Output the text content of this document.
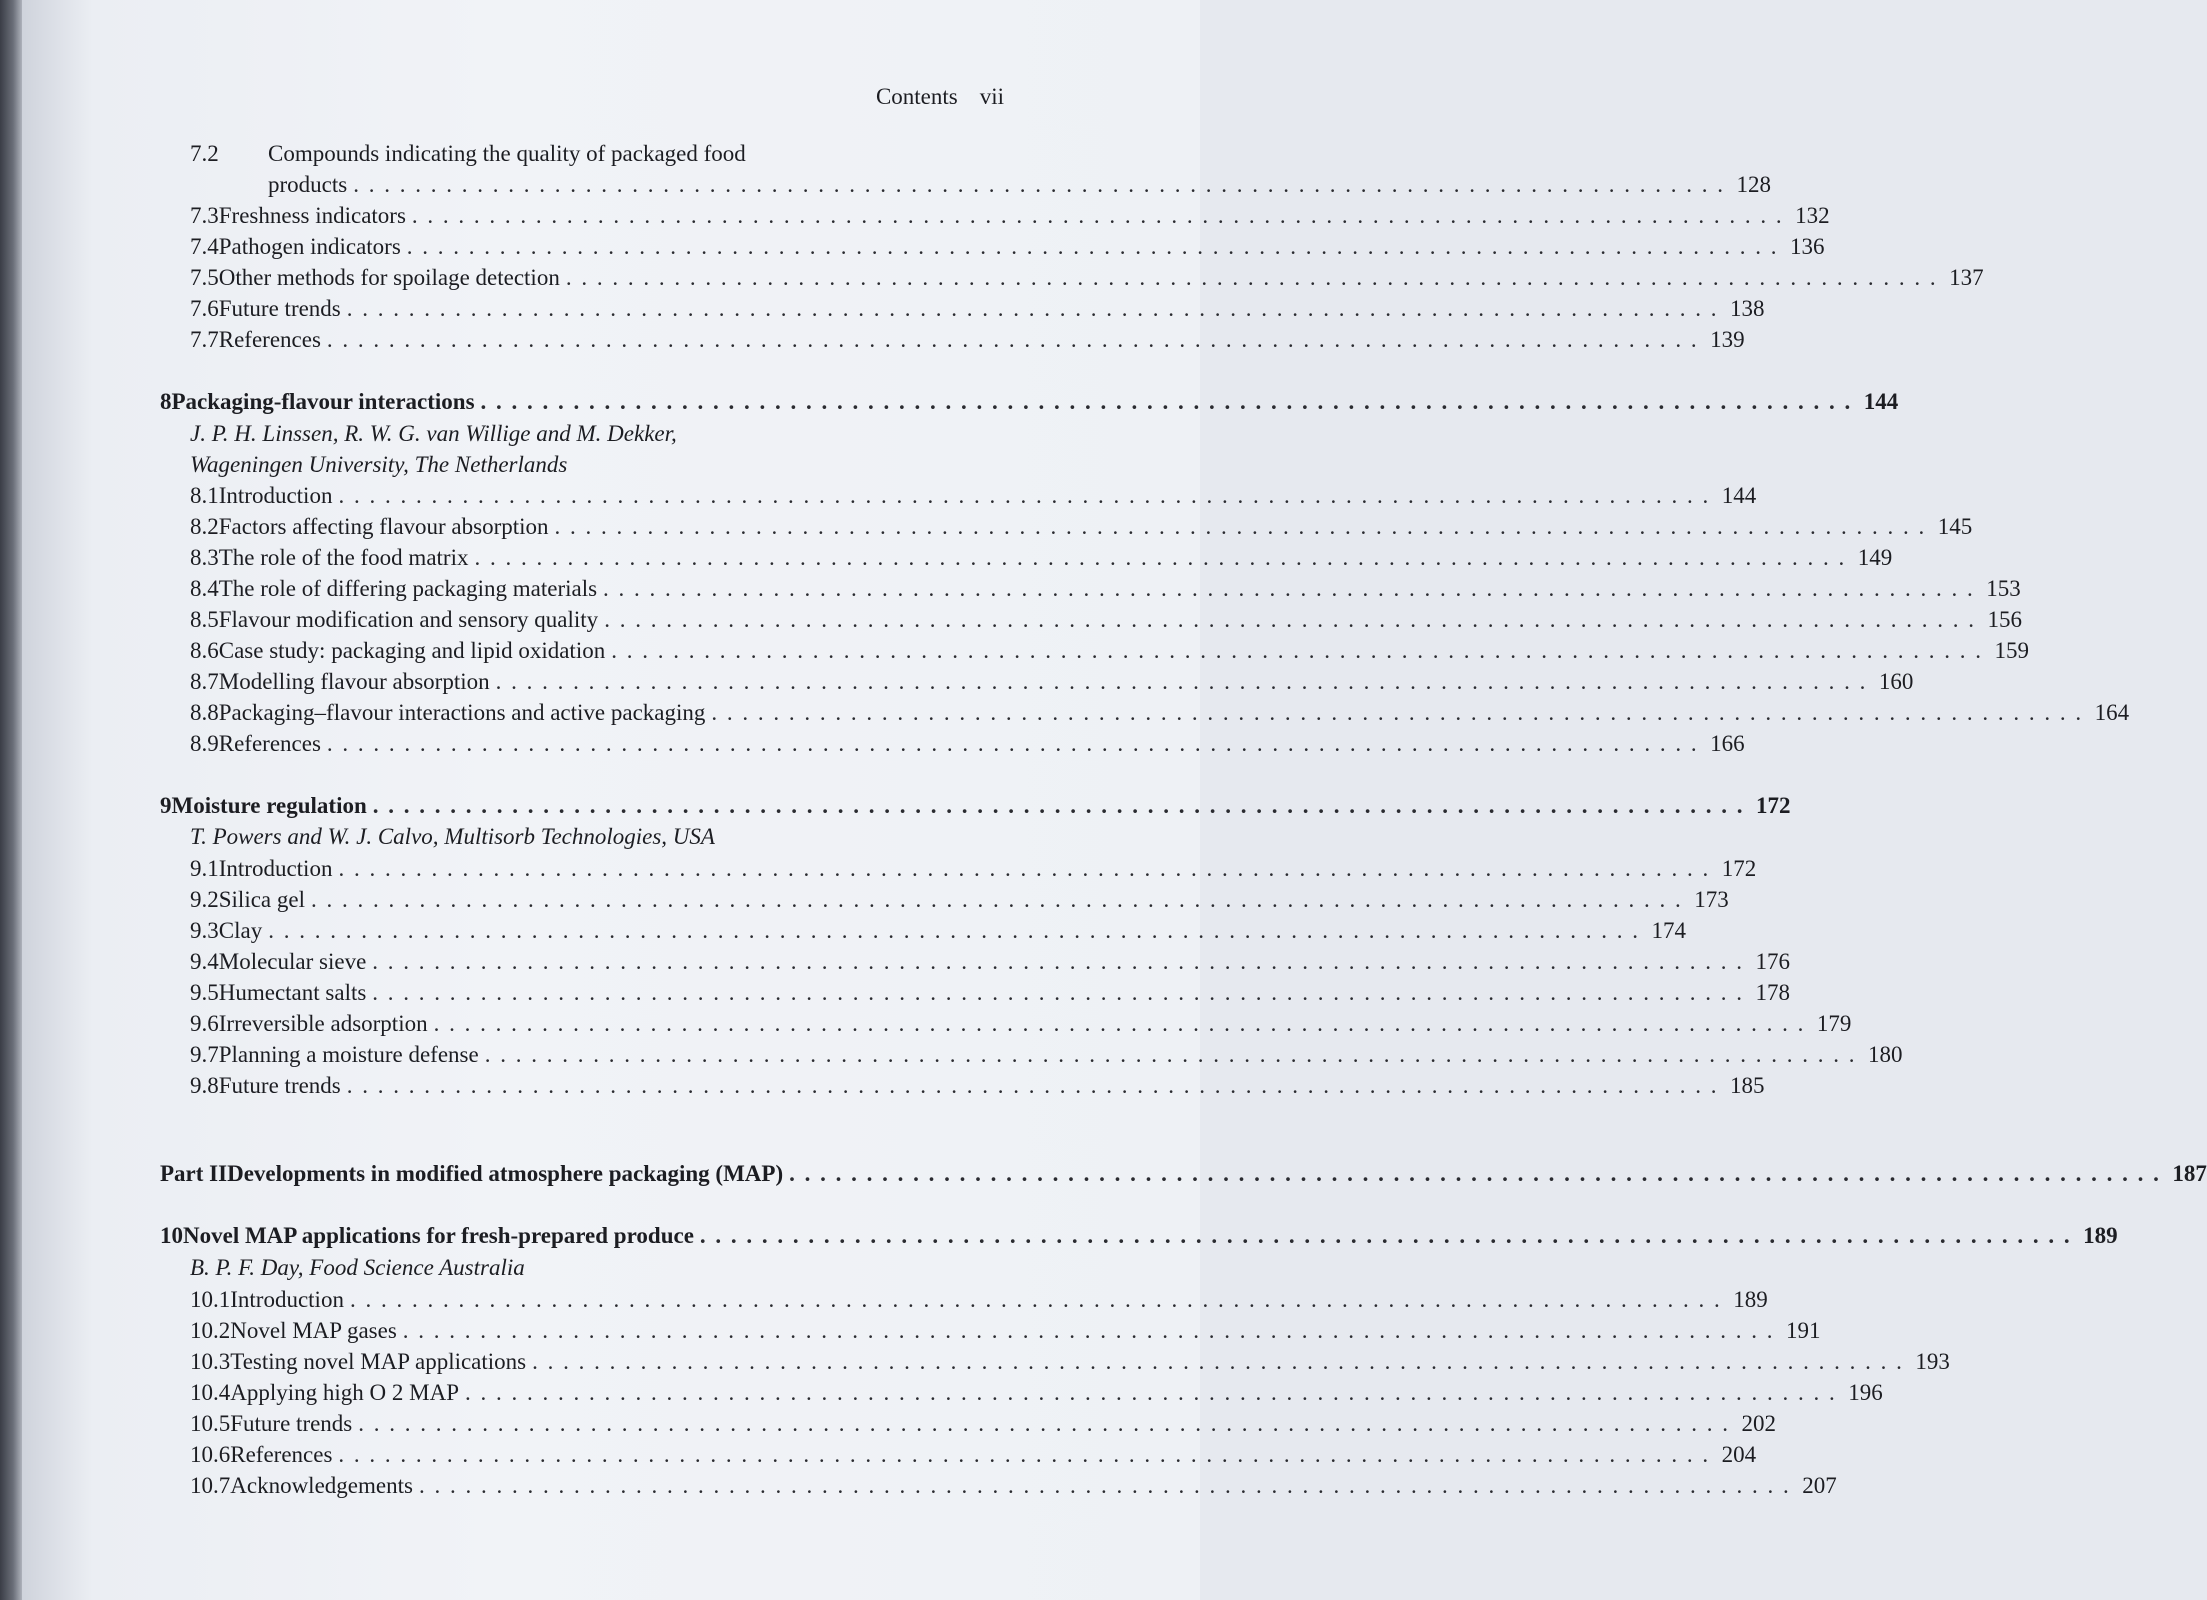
Contents vii
7.2 Compounds indicating the quality of packaged food
products . . . . . . . . . . . . . . . . . . . . . . . . . . . . . . . . . . . . . . . . . . . . . . . . . . . . . . . . . . . . . . . . . . . . . . . . . . . . . . . . . . . . . . . . . 128
7.3 Freshness indicators . . . . . . . . . . . . . . . . . . . . . . . . . . . . . . . . . . . . . . . . . . . . . . . . . . . . . . . . . . . . . . . . . . . . . . . . . . . . . . . . . . . . . . . . . 132
7.4 Pathogen indicators . . . . . . . . . . . . . . . . . . . . . . . . . . . . . . . . . . . . . . . . . . . . . . . . . . . . . . . . . . . . . . . . . . . . . . . . . . . . . . . . . . . . . . . . . 136
7.5 Other methods for spoilage detection . . . . . . . . . . . . . . . . . . . . . . . . . . . . . . . . . . . . . . . . . . . . . . . . . . . . . . . . . . . . . . . . . . . . . . . . . . . . . . . . . . . . . . . . . 137
7.6 Future trends . . . . . . . . . . . . . . . . . . . . . . . . . . . . . . . . . . . . . . . . . . . . . . . . . . . . . . . . . . . . . . . . . . . . . . . . . . . . . . . . . . . . . . . . . 138
7.7 References . . . . . . . . . . . . . . . . . . . . . . . . . . . . . . . . . . . . . . . . . . . . . . . . . . . . . . . . . . . . . . . . . . . . . . . . . . . . . . . . . . . . . . . . . 139
8 Packaging-flavour interactions . . . . . . . . . . . . . . . . . . . . . . . . . . . . . . . . . . . . . . . . . . . . . . . . . . . . . . . . . . . . . . . . . . . . . . . . . . . . . . . . . . . . . . . . . 144
J. P. H. Linssen, R. W. G. van Willige and M. Dekker,
Wageningen University, The Netherlands
8.1 Introduction . . . . . . . . . . . . . . . . . . . . . . . . . . . . . . . . . . . . . . . . . . . . . . . . . . . . . . . . . . . . . . . . . . . . . . . . . . . . . . . . . . . . . . . . . 144
8.2 Factors affecting flavour absorption . . . . . . . . . . . . . . . . . . . . . . . . . . . . . . . . . . . . . . . . . . . . . . . . . . . . . . . . . . . . . . . . . . . . . . . . . . . . . . . . . . . . . . . . . 145
8.3 The role of the food matrix . . . . . . . . . . . . . . . . . . . . . . . . . . . . . . . . . . . . . . . . . . . . . . . . . . . . . . . . . . . . . . . . . . . . . . . . . . . . . . . . . . . . . . . . . 149
8.4 The role of differing packaging materials . . . . . . . . . . . . . . . . . . . . . . . . . . . . . . . . . . . . . . . . . . . . . . . . . . . . . . . . . . . . . . . . . . . . . . . . . . . . . . . . . . . . . . . . . 153
8.5 Flavour modification and sensory quality . . . . . . . . . . . . . . . . . . . . . . . . . . . . . . . . . . . . . . . . . . . . . . . . . . . . . . . . . . . . . . . . . . . . . . . . . . . . . . . . . . . . . . . . . 156
8.6 Case study: packaging and lipid oxidation . . . . . . . . . . . . . . . . . . . . . . . . . . . . . . . . . . . . . . . . . . . . . . . . . . . . . . . . . . . . . . . . . . . . . . . . . . . . . . . . . . . . . . . . . 159
8.7 Modelling flavour absorption . . . . . . . . . . . . . . . . . . . . . . . . . . . . . . . . . . . . . . . . . . . . . . . . . . . . . . . . . . . . . . . . . . . . . . . . . . . . . . . . . . . . . . . . . 160
8.8 Packaging–flavour interactions and active packaging . . . . . . . . . . . . . . . . . . . . . . . . . . . . . . . . . . . . . . . . . . . . . . . . . . . . . . . . . . . . . . . . . . . . . . . . . . . . . . . . . . . . . . . . . 164
8.9 References . . . . . . . . . . . . . . . . . . . . . . . . . . . . . . . . . . . . . . . . . . . . . . . . . . . . . . . . . . . . . . . . . . . . . . . . . . . . . . . . . . . . . . . . . 166
9 Moisture regulation . . . . . . . . . . . . . . . . . . . . . . . . . . . . . . . . . . . . . . . . . . . . . . . . . . . . . . . . . . . . . . . . . . . . . . . . . . . . . . . . . . . . . . . . . 172
T. Powers and W. J. Calvo, Multisorb Technologies, USA
9.1 Introduction . . . . . . . . . . . . . . . . . . . . . . . . . . . . . . . . . . . . . . . . . . . . . . . . . . . . . . . . . . . . . . . . . . . . . . . . . . . . . . . . . . . . . . . . . 172
9.2 Silica gel . . . . . . . . . . . . . . . . . . . . . . . . . . . . . . . . . . . . . . . . . . . . . . . . . . . . . . . . . . . . . . . . . . . . . . . . . . . . . . . . . . . . . . . . . 173
9.3 Clay . . . . . . . . . . . . . . . . . . . . . . . . . . . . . . . . . . . . . . . . . . . . . . . . . . . . . . . . . . . . . . . . . . . . . . . . . . . . . . . . . . . . . . . . . 174
9.4 Molecular sieve . . . . . . . . . . . . . . . . . . . . . . . . . . . . . . . . . . . . . . . . . . . . . . . . . . . . . . . . . . . . . . . . . . . . . . . . . . . . . . . . . . . . . . . . . 176
9.5 Humectant salts . . . . . . . . . . . . . . . . . . . . . . . . . . . . . . . . . . . . . . . . . . . . . . . . . . . . . . . . . . . . . . . . . . . . . . . . . . . . . . . . . . . . . . . . . 178
9.6 Irreversible adsorption . . . . . . . . . . . . . . . . . . . . . . . . . . . . . . . . . . . . . . . . . . . . . . . . . . . . . . . . . . . . . . . . . . . . . . . . . . . . . . . . . . . . . . . . . 179
9.7 Planning a moisture defense . . . . . . . . . . . . . . . . . . . . . . . . . . . . . . . . . . . . . . . . . . . . . . . . . . . . . . . . . . . . . . . . . . . . . . . . . . . . . . . . . . . . . . . . . 180
9.8 Future trends . . . . . . . . . . . . . . . . . . . . . . . . . . . . . . . . . . . . . . . . . . . . . . . . . . . . . . . . . . . . . . . . . . . . . . . . . . . . . . . . . . . . . . . . . 185
Part II Developments in modified atmosphere packaging (MAP) . . . . . . . . . . . . . . . . . . . . . . . . . . . . . . . . . . . . . . . . . . . . . . . . . . . . . . . . . . . . . . . . . . . . . . . . . . . . . . . . . . . . . . . . . 187
10 Novel MAP applications for fresh-prepared produce . . . . . . . . . . . . . . . . . . . . . . . . . . . . . . . . . . . . . . . . . . . . . . . . . . . . . . . . . . . . . . . . . . . . . . . . . . . . . . . . . . . . . . . . . 189
B. P. F. Day, Food Science Australia
10.1 Introduction . . . . . . . . . . . . . . . . . . . . . . . . . . . . . . . . . . . . . . . . . . . . . . . . . . . . . . . . . . . . . . . . . . . . . . . . . . . . . . . . . . . . . . . . . 189
10.2 Novel MAP gases . . . . . . . . . . . . . . . . . . . . . . . . . . . . . . . . . . . . . . . . . . . . . . . . . . . . . . . . . . . . . . . . . . . . . . . . . . . . . . . . . . . . . . . . . 191
10.3 Testing novel MAP applications . . . . . . . . . . . . . . . . . . . . . . . . . . . . . . . . . . . . . . . . . . . . . . . . . . . . . . . . . . . . . . . . . . . . . . . . . . . . . . . . . . . . . . . . . 193
10.4 Applying high O 2 MAP . . . . . . . . . . . . . . . . . . . . . . . . . . . . . . . . . . . . . . . . . . . . . . . . . . . . . . . . . . . . . . . . . . . . . . . . . . . . . . . . . . . . . . . . . 196
10.5 Future trends . . . . . . . . . . . . . . . . . . . . . . . . . . . . . . . . . . . . . . . . . . . . . . . . . . . . . . . . . . . . . . . . . . . . . . . . . . . . . . . . . . . . . . . . . 202
10.6 References . . . . . . . . . . . . . . . . . . . . . . . . . . . . . . . . . . . . . . . . . . . . . . . . . . . . . . . . . . . . . . . . . . . . . . . . . . . . . . . . . . . . . . . . . 204
10.7 Acknowledgements . . . . . . . . . . . . . . . . . . . . . . . . . . . . . . . . . . . . . . . . . . . . . . . . . . . . . . . . . . . . . . . . . . . . . . . . . . . . . . . . . . . . . . . . . 207
